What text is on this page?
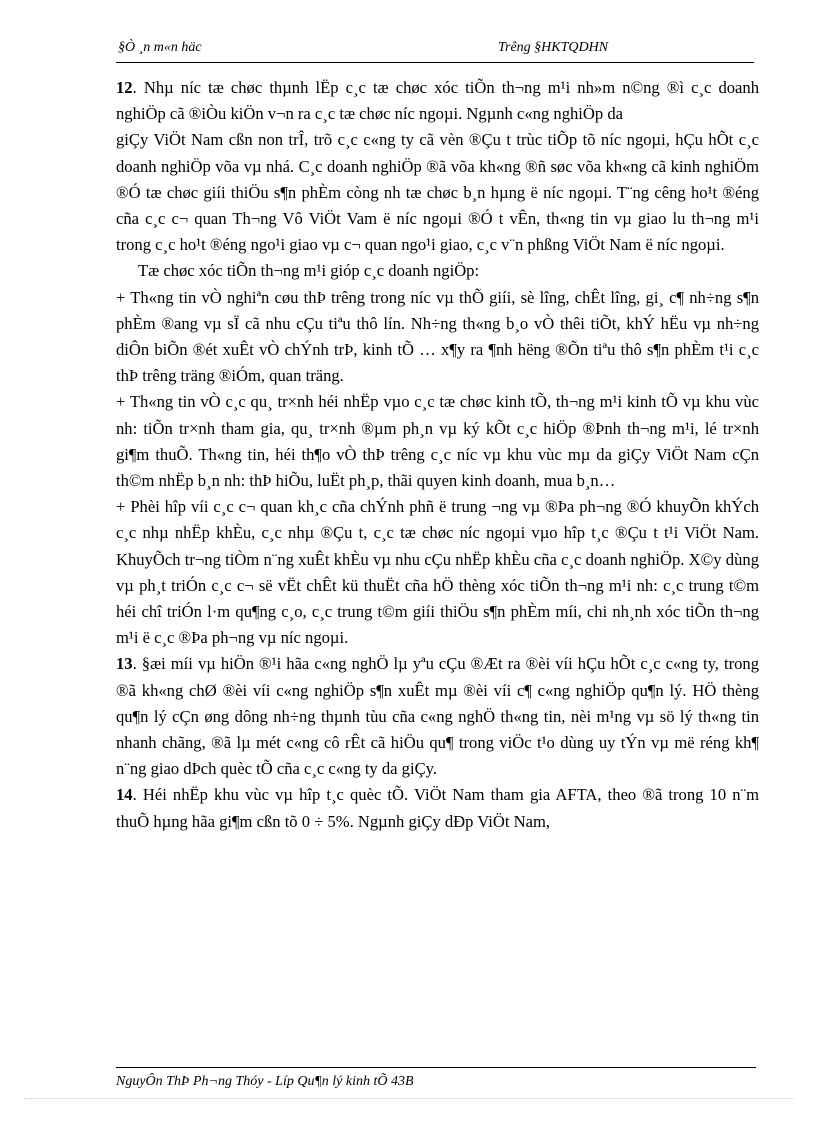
§Ò ¸n m«n häc	Trêng §HKTQDHN

12. Nhµ níc tæ chøc thµnh lËp c¸c tæ chøc xóc tiÕn th¬ng m¹i nh»m n©ng ®ì c¸c doanh nghiÖp cã ®iÒu kiÖn v¬n ra c¸c tæ chøc níc ngoµi. Ngµnh c«ng nghiÖp da

giÇy ViÖt Nam cßn non trÎ, trõ c¸c c«ng ty cã vèn ®Çu t trùc tiÕp tõ níc ngoµi, hÇu hÕt c¸c doanh nghiÖp võa vµ nhá. C¸c doanh nghiÖp ®ã võa kh«ng ®ñ søc võa kh«ng cã kinh nghiÖm ®Ó tæ chøc giíi thiÖu s¶n phÈm còng nh tæ chøc b¸n hµng ë níc ngoµi. T¨ng cêng ho¹t ®éng cña c¸c c¬ quan Th¬ng Vô ViÖt Vam ë níc ngoµi ®Ó t vÊn, th«ng tin vµ giao lu th¬ng m¹i trong c¸c ho¹t ®éng ngo¹i giao vµ c¬ quan ngo¹i giao, c¸c v¨n phßng ViÖt Nam ë níc ngoµi.

Tæ chøc xóc tiÕn th¬ng m¹i gióp c¸c doanh ngiÖp:

+ Th«ng tin vÒ nghiªn cøu thÞ trêng trong níc vµ thÕ giíi, sè lîng, chÊt lîng, gi¸ c¶ nh÷ng s¶n phÈm ®ang vµ sÏ cã nhu cÇu tiªu thô lín. Nh÷ng th«ng b¸o vÒ thêi tiÕt, khÝ hËu vµ nh÷ng diÔn biÕn ®ét xuÊt vÒ chÝnh trÞ, kinh tÕ … x¶y ra ¶nh hëng ®Õn tiªu thô s¶n phÈm t¹i c¸c thÞ trêng träng ®iÓm, quan träng.

+ Th«ng tin vÒ c¸c qu¸ tr×nh héi nhËp vµo c¸c tæ chøc kinh tÕ, th¬ng m¹i kinh tÕ vµ khu vùc nh: tiÕn tr×nh tham gia, qu¸ tr×nh ®µm ph¸n vµ ký kÕt c¸c hiÖp ®Þnh th¬ng m¹i, lé tr×nh gi¶m thuÕ. Th«ng tin, héi th¶o vÒ thÞ trêng c¸c níc vµ khu vùc mµ da giÇy ViÖt Nam cÇn th©m nhËp b¸n nh: thÞ hiÕu, luËt ph¸p, thãi quyen kinh doanh, mua b¸n…

+ Phèi hîp víi c¸c c¬ quan kh¸c cña chÝnh phñ ë trung ¬ng vµ ®Þa ph¬ng ®Ó khuyÕn khÝch c¸c nhµ nhËp khÈu, c¸c nhµ ®Çu t, c¸c tæ chøc níc ngoµi vµo hîp t¸c ®Çu t t¹i ViÖt Nam. KhuyÕch tr¬ng tiÒm n¨ng xuÊt khÈu vµ nhu cÇu nhËp khÈu cña c¸c doanh nghiÖp. X©y dùng vµ ph¸t triÓn c¸c c¬ së vËt chÊt kü thuËt cña hÖ thèng xóc tiÕn th¬ng m¹i nh: c¸c trung t©m héi chî triÓn l·m qu¶ng c¸o, c¸c trung t©m giíi thiÖu s¶n phÈm míi, chi nh¸nh xóc tiÕn th¬ng m¹i ë c¸c ®Þa ph¬ng vµ níc ngoµi.

13. §æi míi vµ hiÖn ®¹i hãa c«ng nghÖ lµ yªu cÇu ®Æt ra ®èi víi hÇu hÕt c¸c c«ng ty, trong ®ã kh«ng chØ ®èi víi c«ng nghiÖp s¶n xuÊt mµ ®èi víi c¶ c«ng nghiÖp qu¶n lý. HÖ thèng qu¶n lý cÇn øng dông nh÷ng thµnh tùu cña c«ng nghÖ th«ng tin, nèi m¹ng vµ sö lý th«ng tin nhanh chãng, ®ã lµ mét c«ng cô rÊt cã hiÖu qu¶ trong viÖc t¹o dùng uy tÝn vµ më réng kh¶ n¨ng giao dÞch quèc tÕ cña c¸c c«ng ty da giÇy.

14. Héi nhËp khu vùc vµ hîp t¸c quèc tÕ. ViÖt Nam tham gia AFTA, theo ®ã trong 10 n¨m thuÕ hµng hãa gi¶m cßn tõ 0 ÷ 5%. Ngµnh giÇy dÐp ViÖt Nam,

NguyÔn ThÞ Ph¬ng Thóy - Líp Qu¶n lý kinh tÕ 43B
